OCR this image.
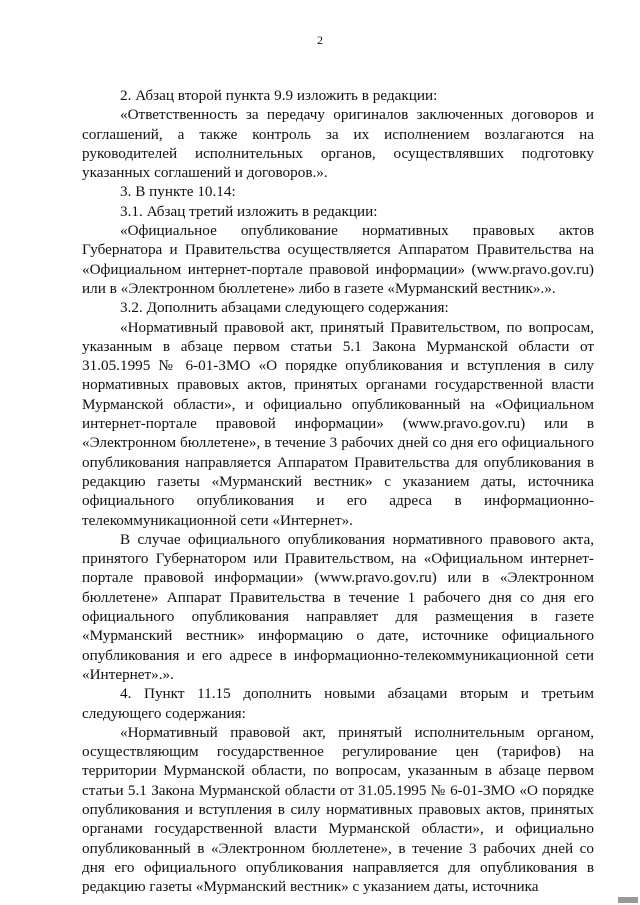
2

2. Абзац второй пункта 9.9 изложить в редакции:

«Ответственность за передачу оригиналов заключенных договоров и соглашений, а также контроль за их исполнением возлагаются на руководителей исполнительных органов, осуществлявших подготовку указанных соглашений и договоров.».

3. В пункте 10.14:

3.1. Абзац третий изложить в редакции:

«Официальное опубликование нормативных правовых актов Губернатора и Правительства осуществляется Аппаратом Правительства на «Официальном интернет-портале правовой информации» (www.pravo.gov.ru) или в «Электронном бюллетене» либо в газете «Мурманский вестник».».

3.2. Дополнить абзацами следующего содержания:

«Нормативный правовой акт, принятый Правительством, по вопросам, указанным в абзаце первом статьи 5.1 Закона Мурманской области от 31.05.1995 № 6-01-ЗМО «О порядке опубликования и вступления в силу нормативных правовых актов, принятых органами государственной власти Мурманской области», и официально опубликованный на «Официальном интернет-портале правовой информации» (www.pravo.gov.ru) или в «Электронном бюллетене», в течение 3 рабочих дней со дня его официального опубликования направляется Аппаратом Правительства для опубликования в редакцию газеты «Мурманский вестник» с указанием даты, источника официального опубликования и его адреса в информационно-телекоммуникационной сети «Интернет».

В случае официального опубликования нормативного правового акта, принятого Губернатором или Правительством, на «Официальном интернет-портале правовой информации» (www.pravo.gov.ru) или в «Электронном бюллетене» Аппарат Правительства в течение 1 рабочего дня со дня его официального опубликования направляет для размещения в газете «Мурманский вестник» информацию о дате, источнике официального опубликования и его адресе в информационно-телекоммуникационной сети «Интернет».».

4. Пункт 11.15 дополнить новыми абзацами вторым и третьим следующего содержания:

«Нормативный правовой акт, принятый исполнительным органом, осуществляющим государственное регулирование цен (тарифов) на территории Мурманской области, по вопросам, указанным в абзаце первом статьи 5.1 Закона Мурманской области от 31.05.1995 № 6-01-ЗМО «О порядке опубликования и вступления в силу нормативных правовых актов, принятых органами государственной власти Мурманской области», и официально опубликованный в «Электронном бюллетене», в течение 3 рабочих дней со дня его официального опубликования направляется для опубликования в редакцию газеты «Мурманский вестник» с указанием даты, источника
